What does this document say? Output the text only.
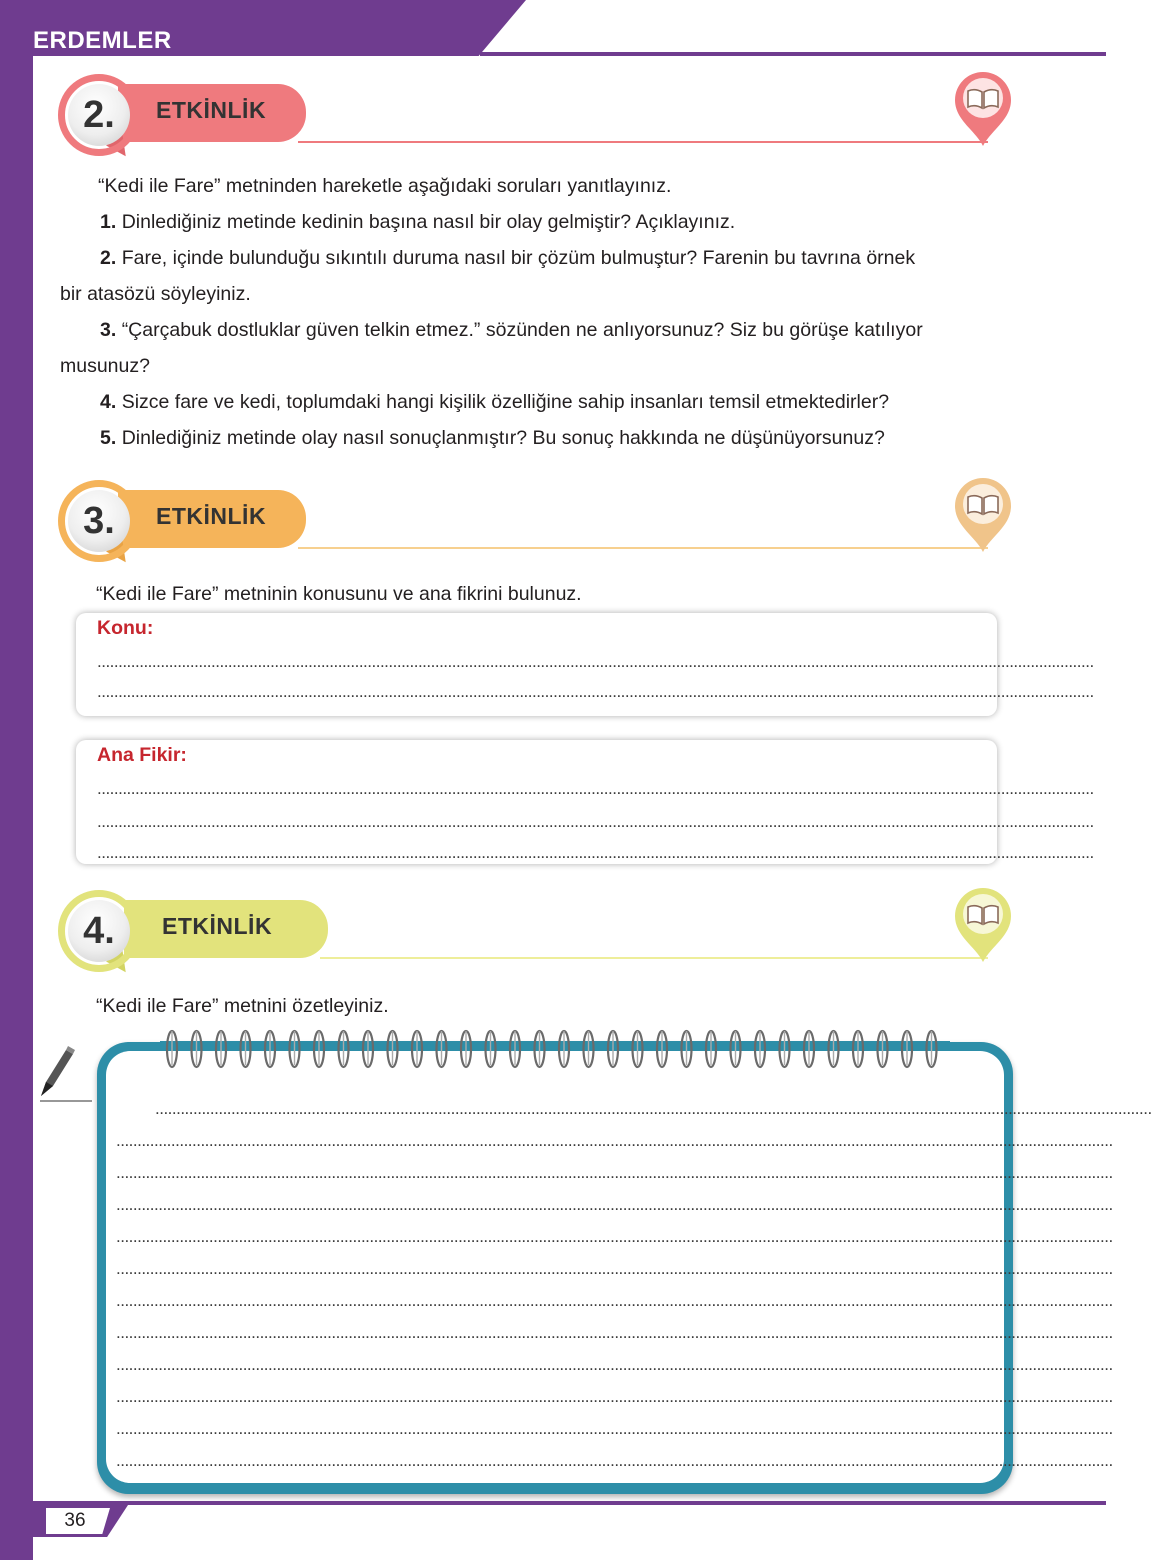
ERDEMLER
2.	ETKİNLİK
“Kedi ile Fare” metninden hareketle aşağıdaki soruları yanıtlayınız.
1. Dinlediğiniz metinde kedinin başına nasıl bir olay gelmiştir? Açıklayınız.
2. Fare, içinde bulunduğu sıkıntılı duruma nasıl bir çözüm bulmuştur? Farenin bu tavrına örnek
bir atasözü söyleyiniz.
3. “Çarçabuk dostluklar güven telkin etmez.” sözünden ne anlıyorsunuz? Siz bu görüşe katılıyor
musunuz?
4. Sizce fare ve kedi, toplumdaki hangi kişilik özelliğine sahip insanları temsil etmektedirler?
5. Dinlediğiniz metinde olay nasıl sonuçlanmıştır? Bu sonuç hakkında ne düşünüyorsunuz?
3.	ETKİNLİK
“Kedi ile Fare” metninin konusunu ve ana fikrini bulunuz.
Konu:
............................................................................................................................................................................................................................................
............................................................................................................................................................................................................................................
Ana Fikir:
............................................................................................................................................................................................................................................
............................................................................................................................................................................................................................................
............................................................................................................................................................................................................................................
4.	ETKİNLİK
“Kedi ile Fare” metnini özetleyiniz.
............................................................................................................................................................................................................................................
............................................................................................................................................................................................................................................
............................................................................................................................................................................................................................................
............................................................................................................................................................................................................................................
............................................................................................................................................................................................................................................
............................................................................................................................................................................................................................................
............................................................................................................................................................................................................................................
............................................................................................................................................................................................................................................
............................................................................................................................................................................................................................................
............................................................................................................................................................................................................................................
............................................................................................................................................................................................................................................
............................................................................................................................................................................................................................................
36
